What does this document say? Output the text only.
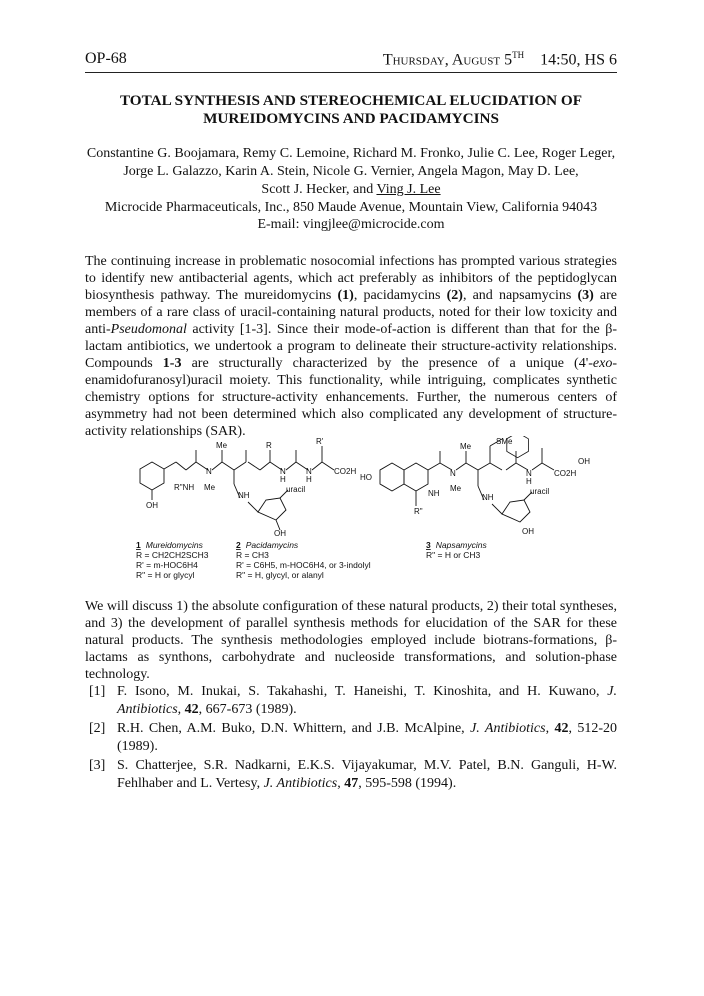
OP-68	Thursday, August 5TH 14:50, HS 6
TOTAL SYNTHESIS AND STEREOCHEMICAL ELUCIDATION OF
MUREIDOMYCINS AND PACIDAMYCINS
Constantine G. Boojamara, Remy C. Lemoine, Richard M. Fronko, Julie C. Lee, Roger Leger,
Jorge L. Galazzo, Karin A. Stein, Nicole G. Vernier, Angela Magon, May D. Lee,
Scott J. Hecker, and Ving J. Lee
Microcide Pharmaceuticals, Inc., 850 Maude Avenue, Mountain View, California 94043
E-mail: vingjlee@microcide.com

The continuing increase in problematic nosocomial infections has prompted various strategies to identify new antibacterial agents, which act preferably as inhibitors of the peptidoglycan biosynthesis pathway. The mureidomycins (1), pacidamycins (2), and napsamycins (3) are members of a rare class of uracil-containing natural products, noted for their low toxicity and anti-Pseudomonal activity [1-3]. Since their mode-of-action is different than that for the β-lactam antibiotics, we undertook a program to delineate their structure-activity relationships. Compounds 1-3 are structurally characterized by the presence of a unique (4'-exo-enamidofuranosyl)uracil moiety. This functionality, while intriguing, complicates synthetic chemistry options for structure-activity enhancements. Further, the numerous centers of asymmetry had not been determined which also complicated any development of structure-activity relationships (SAR).

R"NH
OH
Me
N
Me
R	R'
N
H
N
H
CO2H
NH
uracil
OH
HO
R"
NH
Me
N
Me
SMe
N
H
CO2H
OH
NH
uracil
OH
1 Mureidomycins
R = CH2CH2SCH3
R' = m-HOC6H4
R" = H or glycyl
2 Pacidamycins
R = CH3
R' = C6H5, m-HOC6H4, or 3-indolyl
R" = H, glycyl, or alanyl
3 Napsamycins
R" = H or CH3

We will discuss 1) the absolute configuration of these natural products, 2) their total syntheses, and 3) the development of parallel synthesis methods for elucidation of the SAR for these natural products. The synthesis methodologies employed include biotrans-formations, β-lactams as synthons, carbohydrate and nucleoside transformations, and solution-phase technology.

[1] F. Isono, M. Inukai, S. Takahashi, T. Haneishi, T. Kinoshita, and H. Kuwano, J. Antibiotics, 42, 667-673 (1989).
[2] R.H. Chen, A.M. Buko, D.N. Whittern, and J.B. McAlpine, J. Antibiotics, 42, 512-20 (1989).
[3] S. Chatterjee, S.R. Nadkarni, E.K.S. Vijayakumar, M.V. Patel, B.N. Ganguli, H-W. Fehlhaber and L. Vertesy, J. Antibiotics, 47, 595-598 (1994).
